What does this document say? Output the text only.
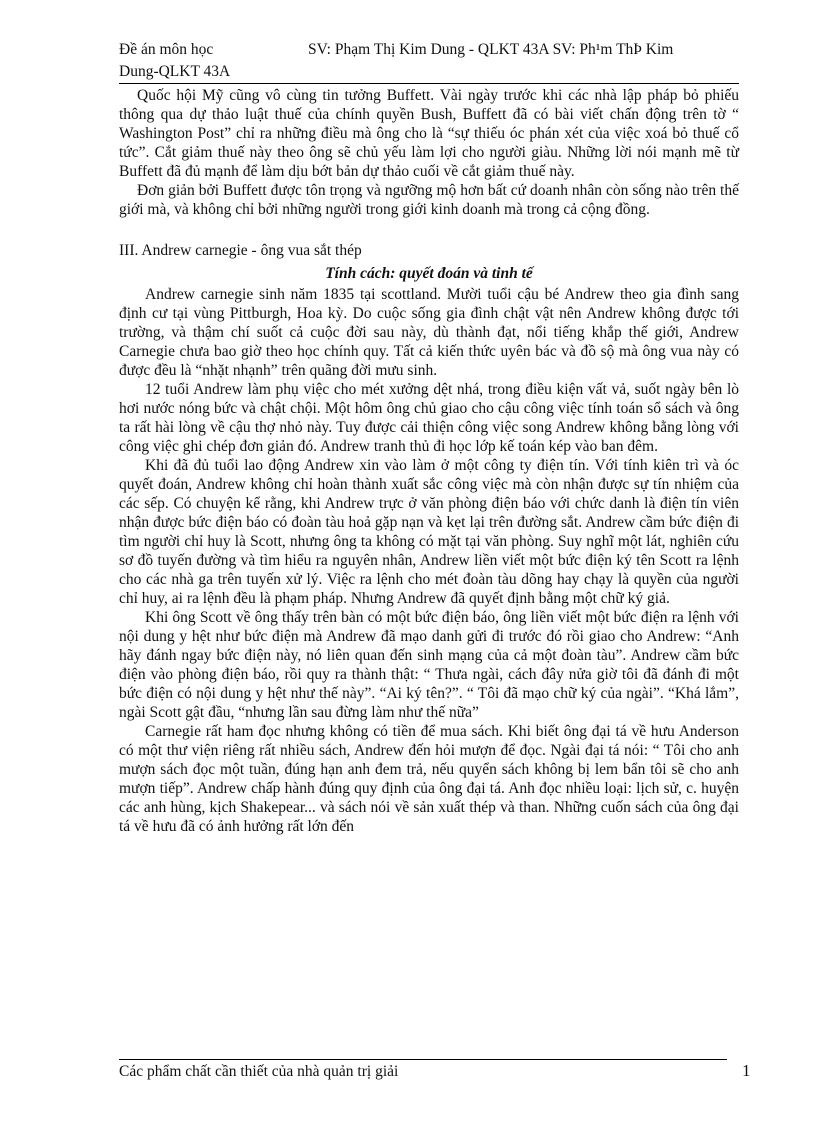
Đề án môn học	SV: Phạm Thị Kim Dung - QLKT 43A SV: Ph¹m ThÞ Kim
Dung-QLKT 43A

Quốc hội Mỹ cũng vô cùng tin tưởng Buffett. Vài ngày trước khi các nhà lập pháp bỏ phiếu thông qua dự thảo luật thuế của chính quyền Bush, Buffett đã có bài viết chấn động trên tờ “ Washington Post” chỉ ra những điều mà ông cho là “sự thiếu óc phán xét của việc xoá bỏ thuế cổ tức”. Cắt giảm thuế này theo ông sẽ chủ yếu làm lợi cho người giàu. Những lời nói mạnh mẽ từ Buffett đã đủ mạnh để làm dịu bớt bản dự thảo cuối về cắt giảm thuế này.

Đơn giản bởi Buffett được tôn trọng và ngưỡng mộ hơn bất cứ doanh nhân còn sống nào trên thế giới mà, và không chỉ bởi những người trong giới kinh doanh mà trong cả cộng đồng.

III. Andrew carnegie - ông vua sắt thép

Tính cách: quyết đoán và tinh tế

Andrew carnegie sinh năm 1835 tại scottland. Mười tuổi cậu bé Andrew theo gia đình sang định cư tại vùng Pittburgh, Hoa kỳ. Do cuộc sống gia đình chật vật nên Andrew không được tới trường, và thậm chí suốt cả cuộc đời sau này, dù thành đạt, nổi tiếng khắp thế giới, Andrew Carnegie chưa bao giờ theo học chính quy. Tất cả kiến thức uyên bác và đồ sộ mà ông vua này có được đều là “nhặt nhạnh” trên quãng đời mưu sinh.

12 tuổi Andrew làm phụ việc cho mét xưởng dệt nhá, trong điều kiện vất vả, suốt ngày bên lò hơi nước nóng bức và chật chội. Một hôm ông chủ giao cho cậu công việc tính toán sổ sách và ông ta rất hài lòng về cậu thợ nhỏ này. Tuy được cải thiện công việc song Andrew không bằng lòng với công việc ghi chép đơn giản đó. Andrew tranh thủ đi học lớp kế toán kép vào ban đêm.

Khi đã đủ tuổi lao động Andrew xin vào làm ở một công ty điện tín. Với tính kiên trì và óc quyết đoán, Andrew không chỉ hoàn thành xuất sắc công việc mà còn nhận được sự tín nhiệm của các sếp. Có chuyện kể rằng, khi Andrew trực ở văn phòng điện báo với chức danh là điện tín viên nhận được bức điện báo có đoàn tàu hoả gặp nạn và kẹt lại trên đường sắt. Andrew cầm bức điện đi tìm người chỉ huy là Scott, nhưng ông ta không có mặt tại văn phòng. Suy nghĩ một lát, nghiên cứu sơ đồ tuyến đường và tìm hiểu ra nguyên nhân, Andrew liền viết một bức điện ký tên Scott ra lệnh cho các nhà ga trên tuyến xử lý. Việc ra lệnh cho mét đoàn tàu dõng hay chạy là quyền của người chỉ huy, ai ra lệnh đều là phạm pháp. Nhưng Andrew đã quyết định bằng một chữ ký giả.

Khi ông Scott về ông thấy trên bàn có một bức điện báo, ông liền viết một bức điện ra lệnh với nội dung y hệt như bức điện mà Andrew đã mạo danh gửi đi trước đó rồi giao cho Andrew: “Anh hãy đánh ngay bức điện này, nó liên quan đến sinh mạng của cả một đoàn tàu”. Andrew cầm bức điện vào phòng điện báo, rồi quy ra thành thật: “ Thưa ngài, cách đây nửa giờ tôi đã đánh đi một bức điện có nội dung y hệt như thế này”. “Ai ký tên?”. “ Tôi đã mạo chữ ký của ngài”. “Khá lắm”, ngài Scott gật đầu, “nhưng lần sau đừng làm như thế nữa”

Carnegie rất ham đọc nhưng không có tiền để mua sách. Khi biết ông đại tá về hưu Anderson có một thư viện riêng rất nhiều sách, Andrew đến hỏi mượn để đọc. Ngài đại tá nói: “ Tôi cho anh mượn sách đọc một tuần, đúng hạn anh đem trả, nếu quyển sách không bị lem bẩn tôi sẽ cho anh mượn tiếp”. Andrew chấp hành đúng quy định của ông đại tá. Anh đọc nhiều loại: lịch sử, c. huyện các anh hùng, kịch Shakepear... và sách nói về sản xuất thép và than. Những cuốn sách của ông đại tá về hưu đã có ảnh hưởng rất lớn đến

Các phẩm chất cần thiết của nhà quản trị giải	1
